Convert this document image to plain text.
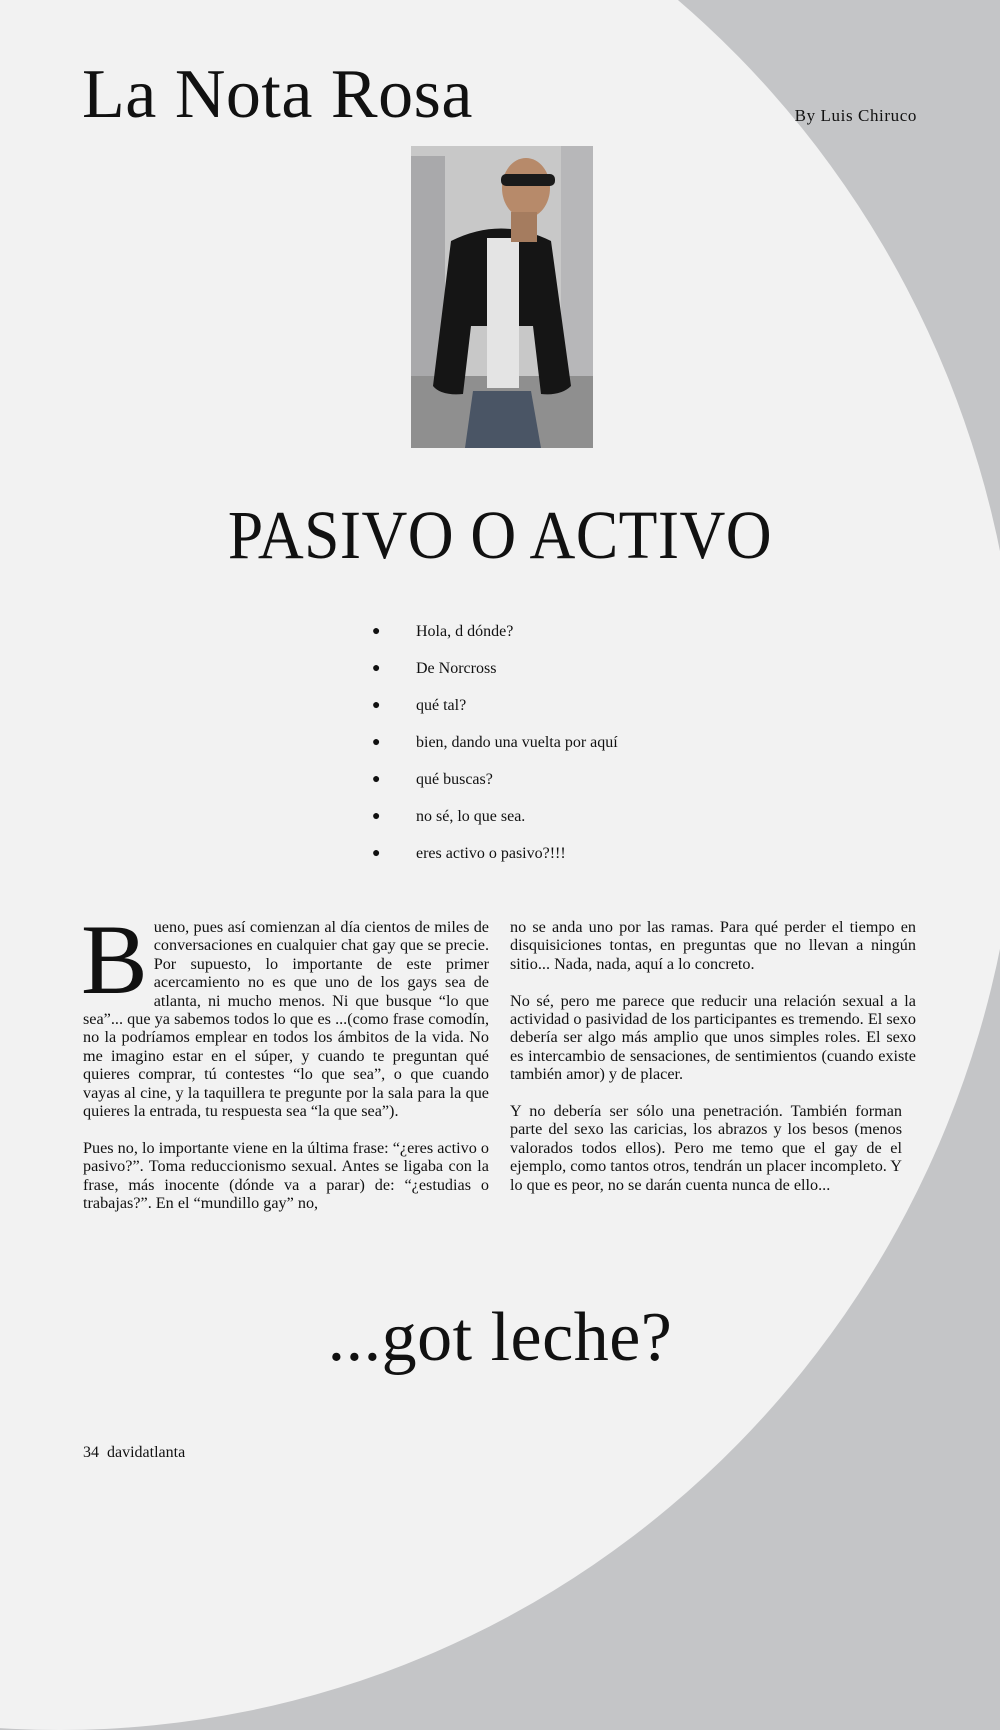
La Nota Rosa	By Luis Chiruco
PASIVO O ACTIVO
● Hola, d dónde?
● De Norcross
● qué tal?
● bien, dando una vuelta por aquí
● qué buscas?
● no sé, lo que sea.
● eres activo o pasivo?!!!

Bueno, pues así comienzan al día cientos de miles de conversaciones en cualquier chat gay que se precie. Por supuesto, lo importante de este primer acercamiento no es que uno de los gays sea de atlanta, ni mucho menos. Ni que busque “lo que sea”... que ya sabemos todos lo que es ...(como frase comodín, no la podríamos emplear en todos los ámbitos de la vida. No me imagino estar en el súper, y cuando te preguntan qué quieres comprar, tú contestes “lo que sea”, o que cuando vayas al cine, y la taquillera te pregunte por la sala para la que quieres la entrada, tu respuesta sea “la que sea”).

Pues no, lo importante viene en la última frase: “¿eres activo o pasivo?”. Toma reduccionismo sexual. Antes se ligaba con la frase, más inocente (dónde va a parar) de: “¿estudias o trabajas?”. En el “mundillo gay” no,

no se anda uno por las ramas. Para qué perder el tiempo en disquisiciones tontas, en preguntas que no llevan a ningún sitio... Nada, nada, aquí a lo concreto.

No sé, pero me parece que reducir una relación sexual a la actividad o pasividad de los participantes es tremendo. El sexo debería ser algo más amplio que unos simples roles. El sexo es intercambio de sensaciones, de sentimientos (cuando existe también amor) y de placer.

Y no debería ser sólo una penetración. También forman parte del sexo las caricias, los abrazos y los besos (menos valorados todos ellos). Pero me temo que el gay de el ejemplo, como tantos otros, tendrán un placer incompleto. Y lo que es peor, no se darán cuenta nunca de ello...

...got leche?
34 davidatlanta
